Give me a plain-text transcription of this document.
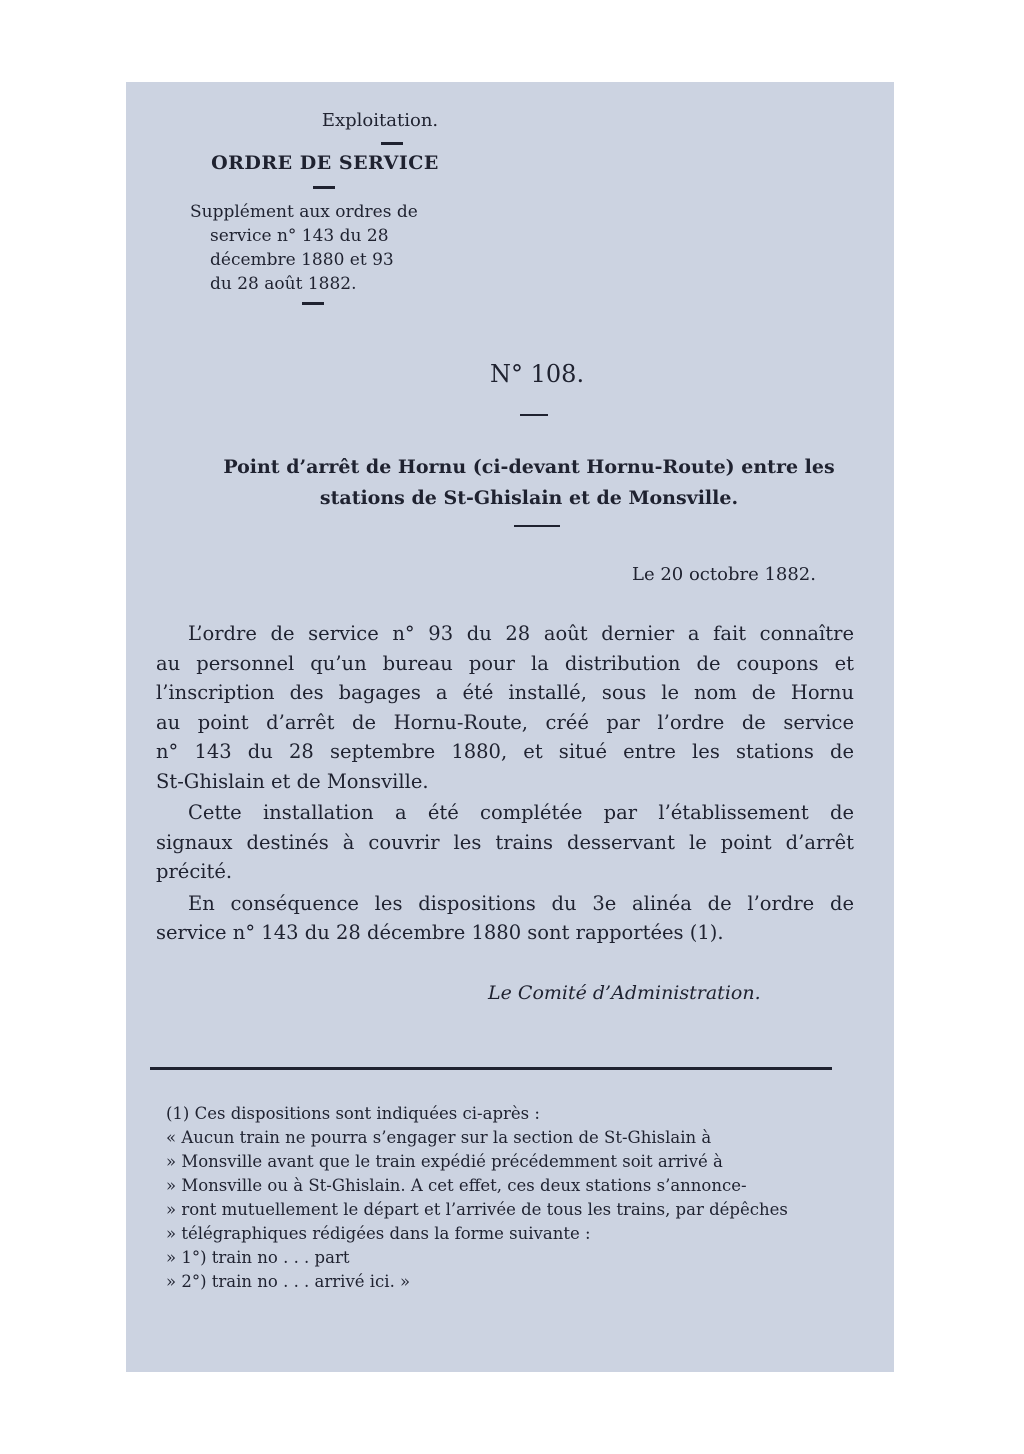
Exploitation.

ORDRE DE SERVICE

Supplément aux ordres de
service n° 143 du 28
décembre 1880 et 93
du 28 août 1882.

N° 108.

Point d’arrêt de Hornu (ci-devant Hornu-Route) entre les
stations de St-Ghislain et de Monsville.

Le 20 octobre 1882.

L’ordre de service n° 93 du 28 août dernier a fait connaître
au personnel qu’un bureau pour la distribution de coupons et
l’inscription des bagages a été installé, sous le nom de Hornu
au point d’arrêt de Hornu-Route, créé par l’ordre de service
n° 143 du 28 septembre 1880, et situé entre les stations de
St-Ghislain et de Monsville.

Cette installation a été complétée par l’établissement de
signaux destinés à couvrir les trains desservant le point d’arrêt
précité.

En conséquence les dispositions du 3e alinéa de l’ordre de
service n° 143 du 28 décembre 1880 sont rapportées (1).

Le Comité d’Administration.

(1) Ces dispositions sont indiquées ci-après :
« Aucun train ne pourra s’engager sur la section de St-Ghislain à
» Monsville avant que le train expédié précédemment soit arrivé à
» Monsville ou à St-Ghislain. A cet effet, ces deux stations s’annonce-
» ront mutuellement le départ et l’arrivée de tous les trains, par dépêches
» télégraphiques rédigées dans la forme suivante :
» 1°) train no . . . part
» 2°) train no . . . arrivé ici. »
